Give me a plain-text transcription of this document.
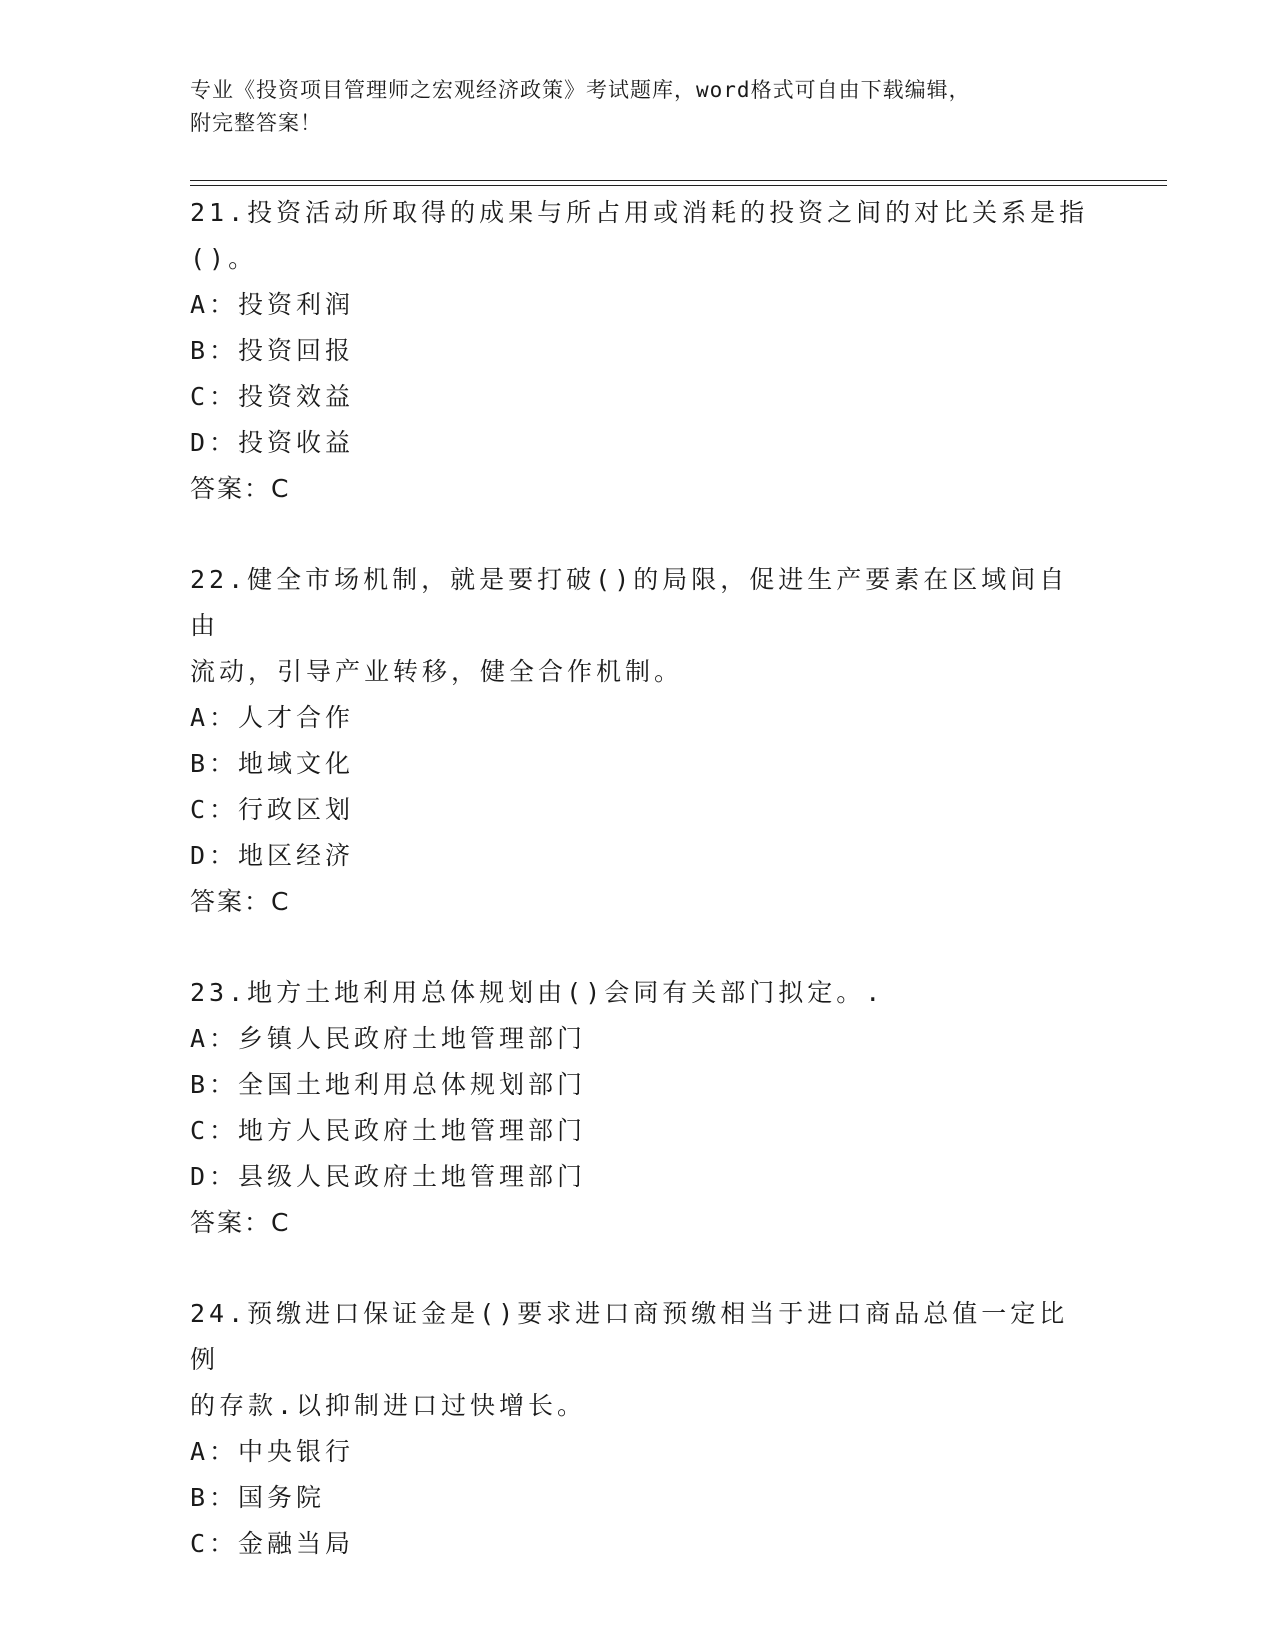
专业《投资项目管理师之宏观经济政策》考试题库，word格式可自由下载编辑，
附完整答案！
21.投资活动所取得的成果与所占用或消耗的投资之间的对比关系是指
()。
A：投资利润
B：投资回报
C：投资效益
D：投资收益
答案：C
22.健全市场机制，就是要打破()的局限，促进生产要素在区域间自由
流动，引导产业转移，健全合作机制。
A：人才合作
B：地域文化
C：行政区划
D：地区经济
答案：C
23.地方土地利用总体规划由()会同有关部门拟定。.
A：乡镇人民政府土地管理部门
B：全国土地利用总体规划部门
C：地方人民政府土地管理部门
D：县级人民政府土地管理部门
答案：C
24.预缴进口保证金是()要求进口商预缴相当于进口商品总值一定比例
的存款.以抑制进口过快增长。
A：中央银行
B：国务院
C：金融当局
